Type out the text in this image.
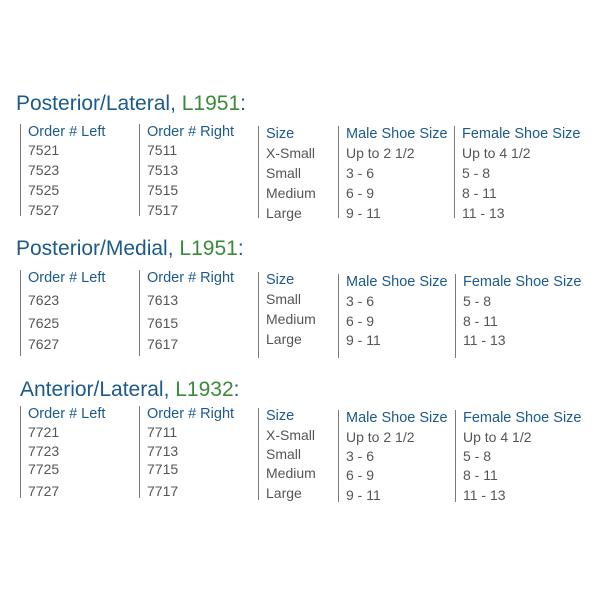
Posterior/Lateral, L1951:
Order # Left
7521
7523
7525
7527
Order # Right
7511
7513
7515
7517
Size
X-Small
Small
Medium
Large
Male Shoe Size
Up to 2 1/2
3 - 6
6 - 9
9 - 11
Female Shoe Size
Up to 4 1/2
5 - 8
8 - 11
11 - 13
Posterior/Medial, L1951:
Order # Left
7623
7625
7627
Order # Right
7613
7615
7617
Size
Small
Medium
Large
Male Shoe Size
3 - 6
6 - 9
9 - 11
Female Shoe Size
5 - 8
8 - 11
11 - 13
Anterior/Lateral, L1932:
Order # Left
7721
7723
7725
7727
Order # Right
7711
7713
7715
7717
Size
X-Small
Small
Medium
Large
Male Shoe Size
Up to 2 1/2
3 - 6
6 - 9
9 - 11
Female Shoe Size
Up to 4 1/2
5 - 8
8 - 11
11 - 13
